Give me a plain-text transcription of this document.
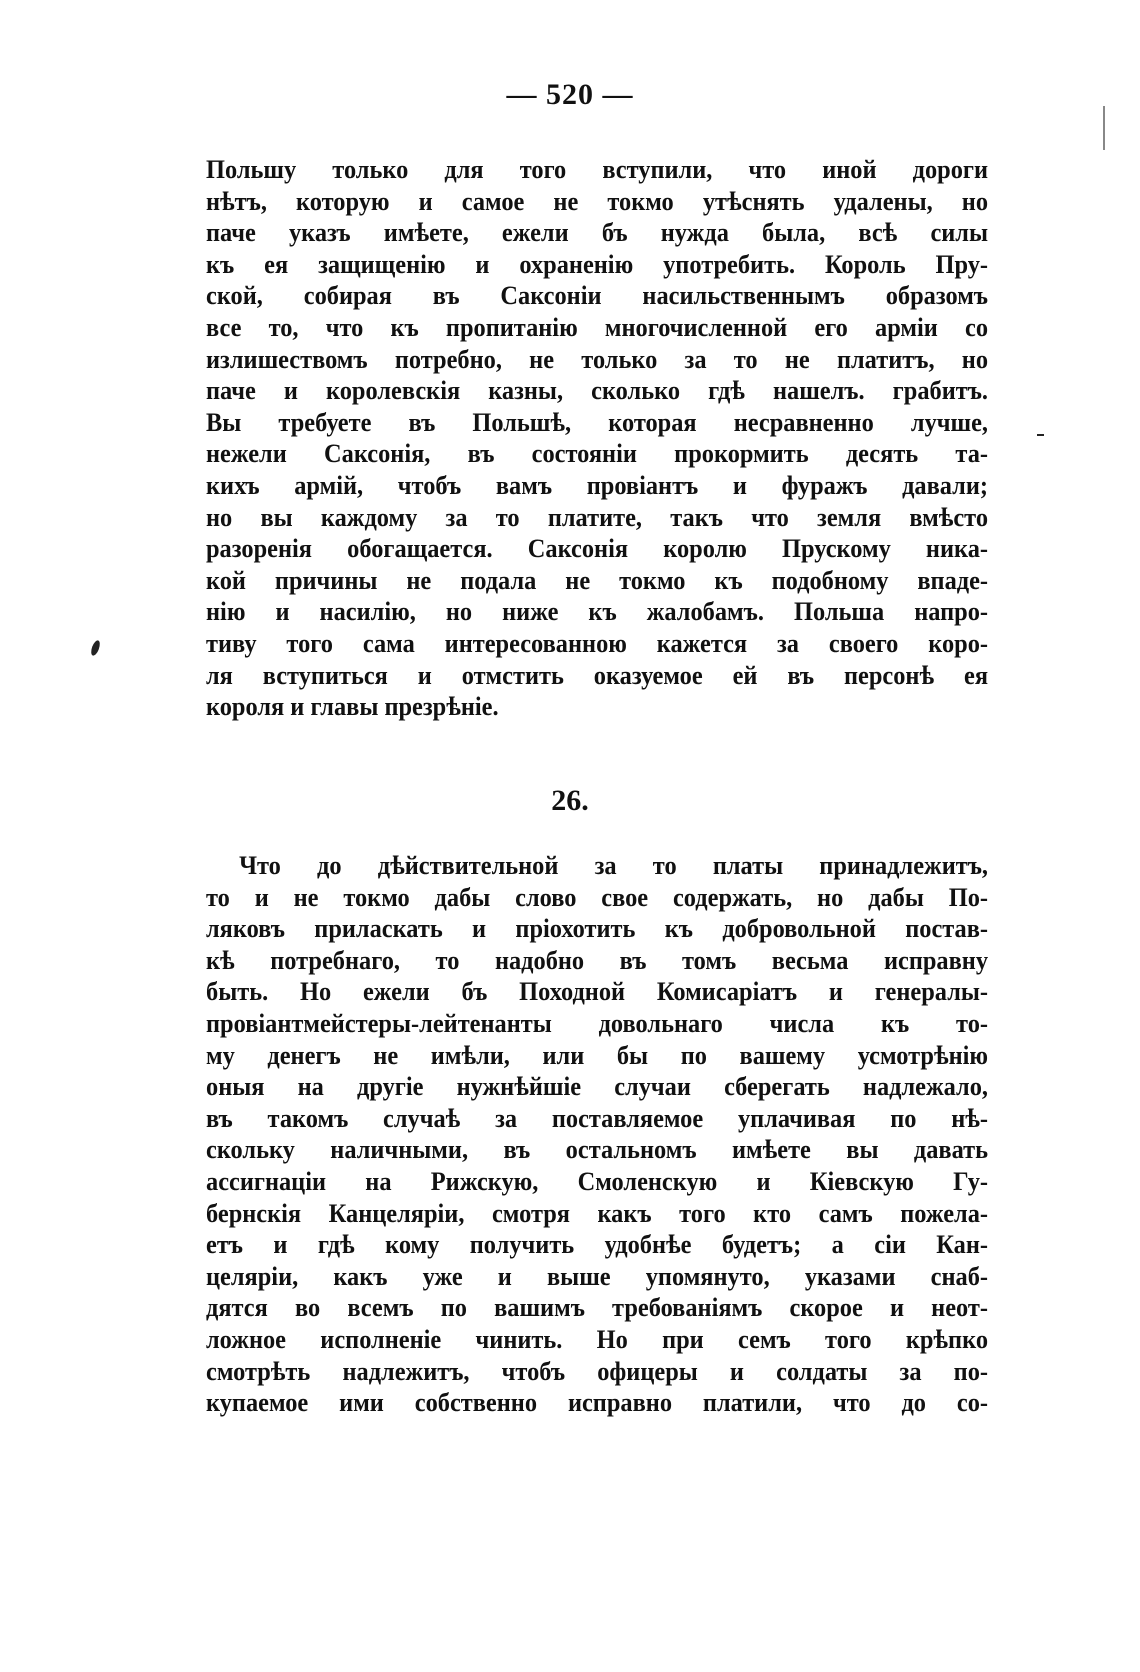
— 520 —
Польшу только для того вступили, что иной дороги
нѣтъ, которую и самое не токмо утѣснять удалены, но
паче указъ имѣете, ежели бъ нужда была, всѣ силы
къ ея защищенію и охраненію употребить. Король Пру-
ской, собирая въ Саксоніи насильственнымъ образомъ
все то, что къ пропитанію многочисленной его арміи со
излишествомъ потребно, не только за то не платитъ, но
паче и королевскія казны, сколько гдѣ нашелъ. грабитъ.
Вы требуете въ Польшѣ, которая несравненно лучше,
нежели Саксонія, въ состояніи прокормить десять та-
кихъ армій, чтобъ вамъ провіантъ и фуражъ давали;
но вы каждому за то платите, такъ что земля вмѣсто
разоренія обогащается. Саксонія королю Прускому ника-
кой причины не подала не токмо къ подобному впаде-
нію и насилію, но ниже къ жалобамъ. Польша напро-
тиву того сама интересованною кажется за своего коро-
ля вступиться и отмстить оказуемое ей въ персонѣ ея
короля и главы презрѣніе.
26.
Что до дѣйствительной за то платы принадлежитъ,
то и не токмо дабы слово свое содержать, но дабы По-
ляковъ приласкать и пріохотить къ добровольной постав-
кѣ потребнаго, то надобно въ томъ весьма исправну
быть. Но ежели бъ Походной Комисаріатъ и генералы-
провіантмейстеры-лейтенанты довольнаго числа къ то-
му денегъ не имѣли, или бы по вашему усмотрѣнію
оныя на другіе нужнѣйшіе случаи сберегать надлежало,
въ такомъ случаѣ за поставляемое уплачивая по нѣ-
скольку наличными, въ остальномъ имѣете вы давать
ассигнаціи на Рижскую, Смоленскую и Кіевскую Гу-
бернскія Канцеляріи, смотря какъ того кто самъ пожела-
етъ и гдѣ кому получить удобнѣе будетъ; а сіи Кан-
целяріи, какъ уже и выше упомянуто, указами снаб-
дятся во всемъ по вашимъ требованіямъ скорое и неот-
ложное исполненіе чинить. Но при семъ того крѣпко
смотрѣть надлежитъ, чтобъ офицеры и солдаты за по-
купаемое ими собственно исправно платили, что до со-
